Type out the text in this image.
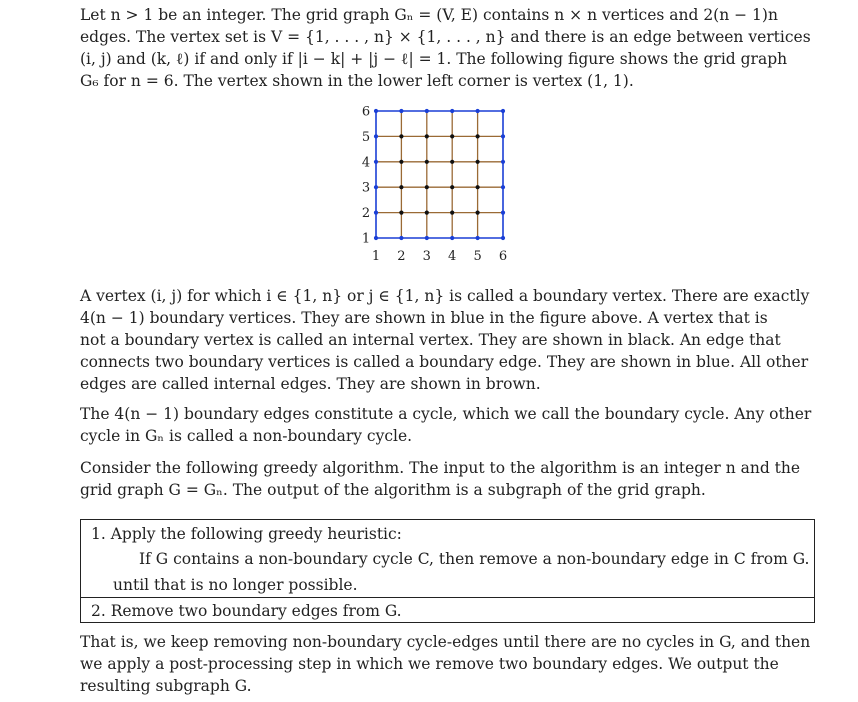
Let n > 1 be an integer. The grid graph Gₙ = (V, E) contains n × n vertices and 2(n − 1)n
edges. The vertex set is V = {1, . . . , n} × {1, . . . , n} and there is an edge between vertices
(i, j) and (k, ℓ) if and only if |i − k| + |j − ℓ| = 1. The following figure shows the grid graph
G₆ for n = 6. The vertex shown in the lower left corner is vertex (1, 1).

1 2 3 4 5 6
1
2
3
4
5
6

A vertex (i, j) for which i ∈ {1, n} or j ∈ {1, n} is called a boundary vertex. There are exactly
4(n − 1) boundary vertices. They are shown in blue in the figure above. A vertex that is
not a boundary vertex is called an internal vertex. They are shown in black. An edge that
connects two boundary vertices is called a boundary edge. They are shown in blue. All other
edges are called internal edges. They are shown in brown.

The 4(n − 1) boundary edges constitute a cycle, which we call the boundary cycle. Any other
cycle in Gₙ is called a non-boundary cycle.

Consider the following greedy algorithm. The input to the algorithm is an integer n and the
grid graph G = Gₙ. The output of the algorithm is a subgraph of the grid graph.

1. Apply the following greedy heuristic:
If G contains a non-boundary cycle C, then remove a non-boundary edge in C from G.
until that is no longer possible.
2. Remove two boundary edges from G.

That is, we keep removing non-boundary cycle-edges until there are no cycles in G, and then
we apply a post-processing step in which we remove two boundary edges. We output the
resulting subgraph G.
